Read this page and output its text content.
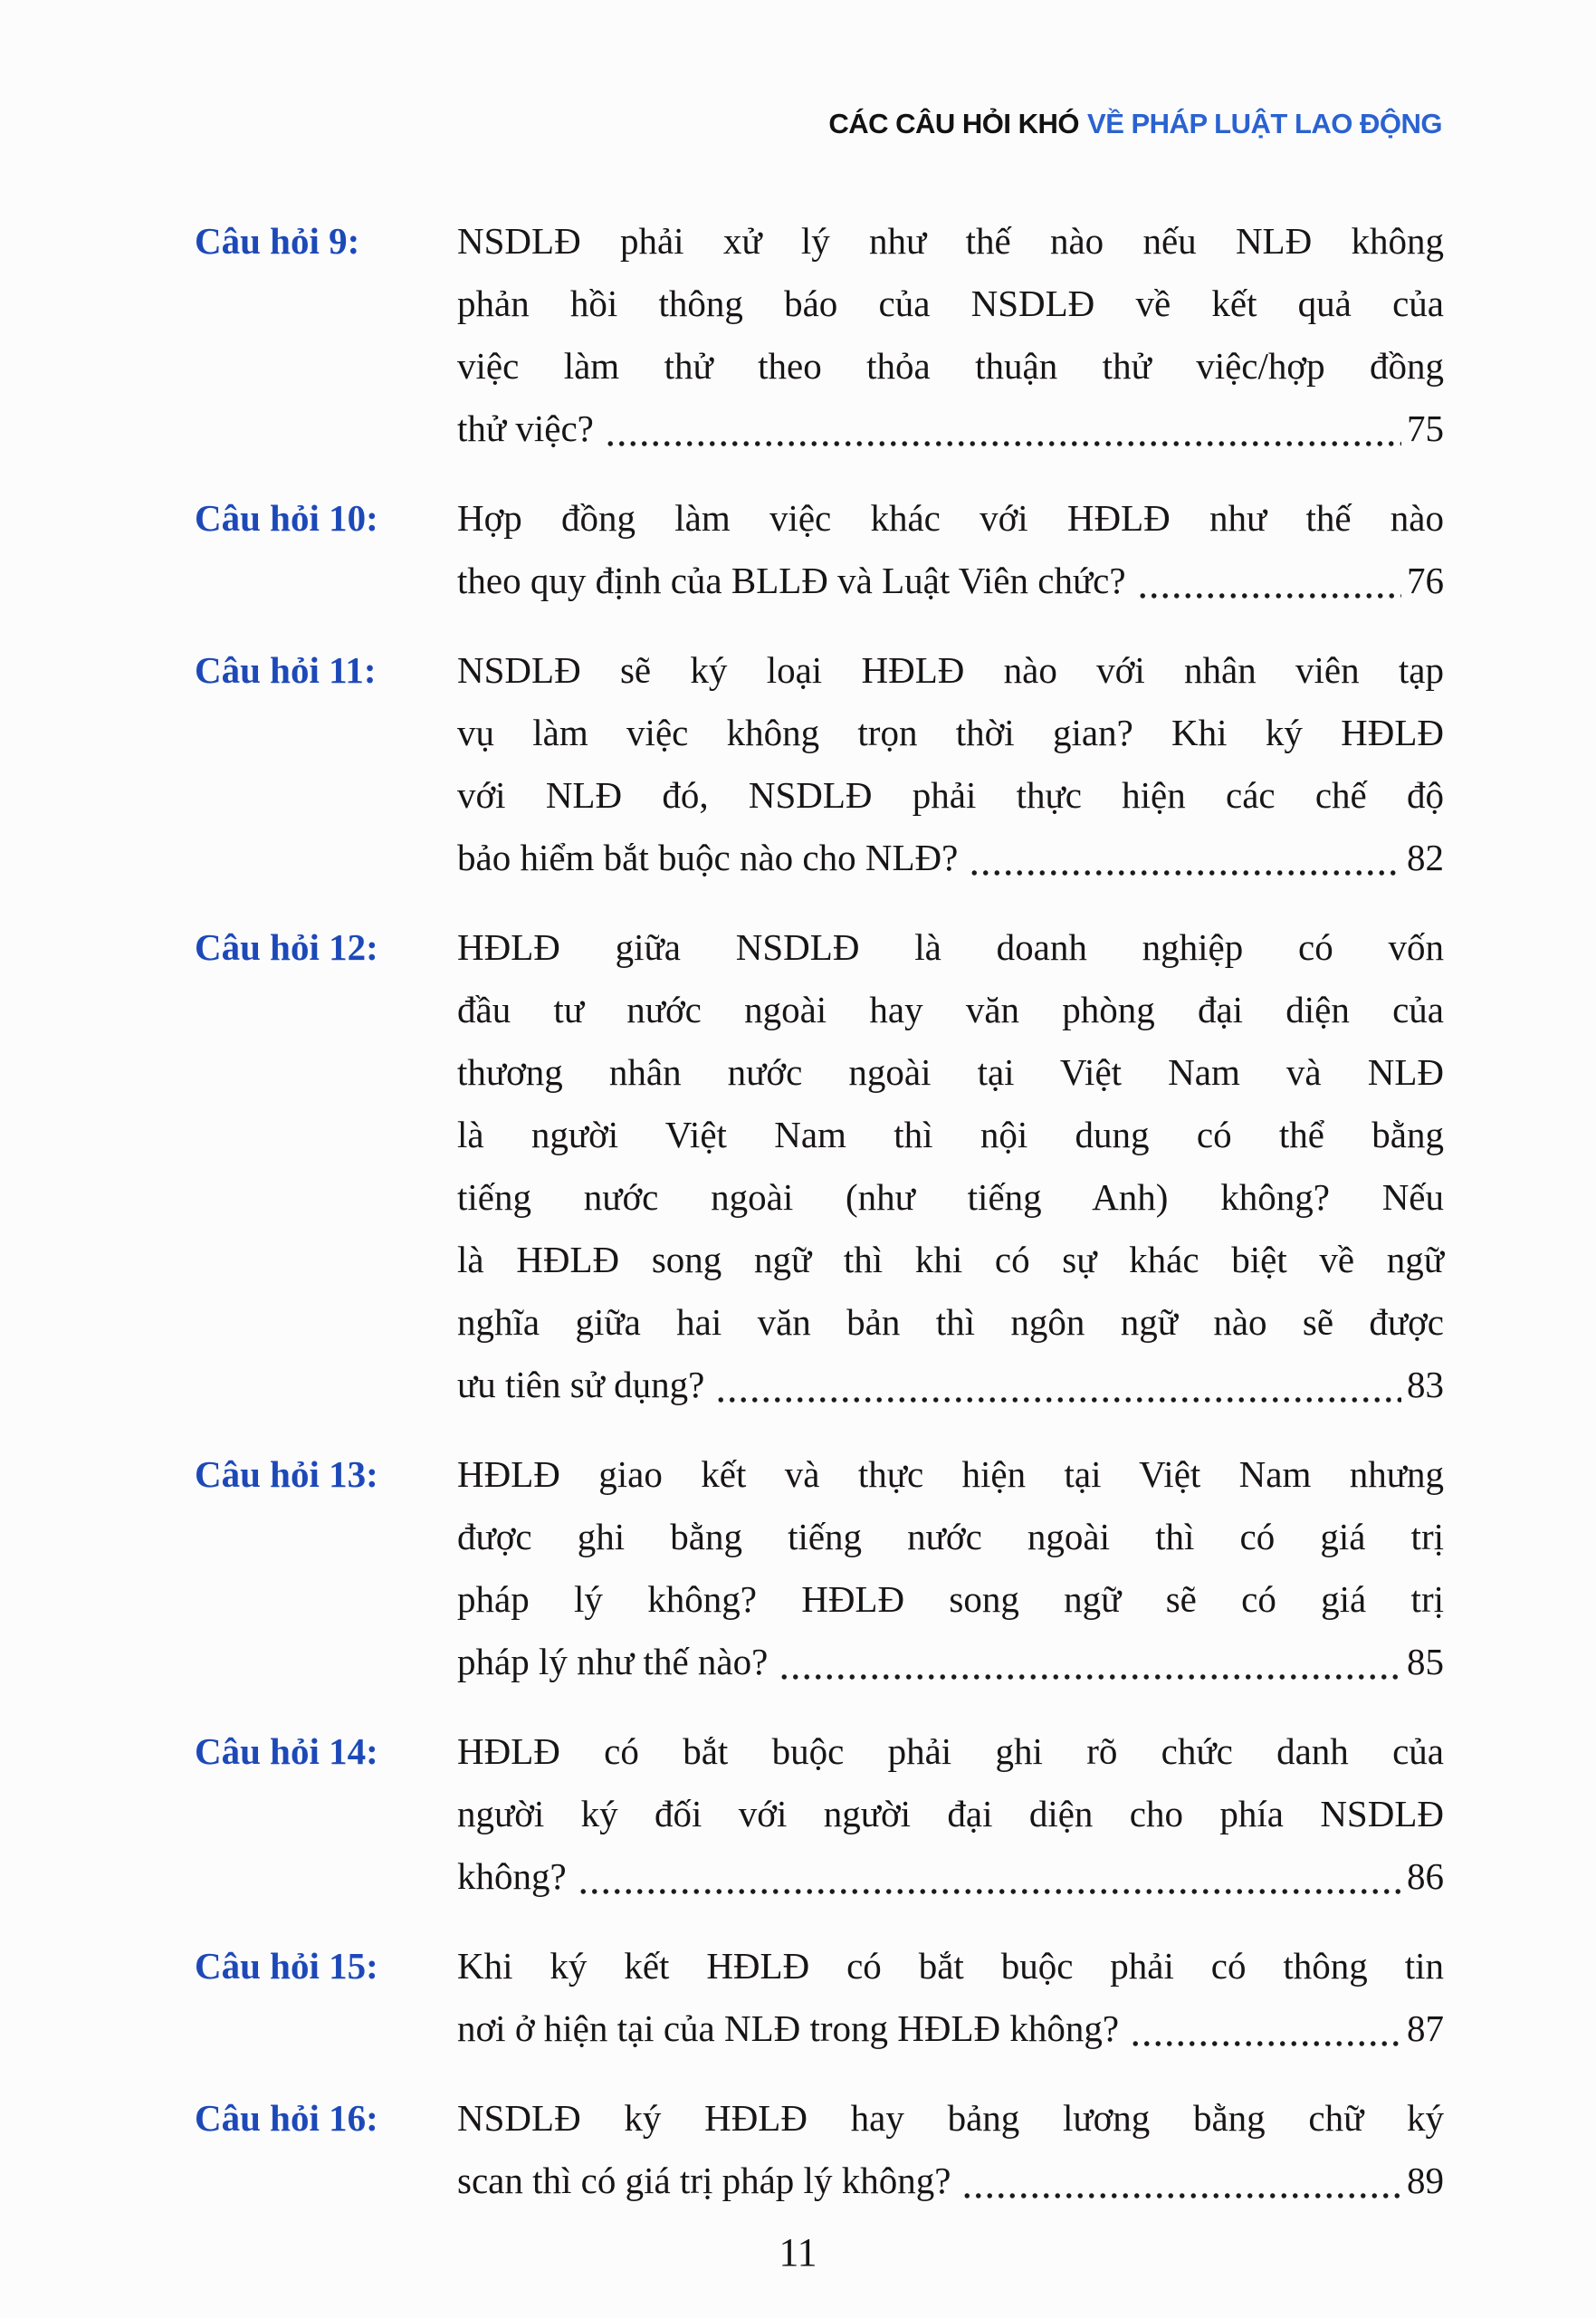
CÁC CÂU HỎI KHÓ VỀ PHÁP LUẬT LAO ĐỘNG
Câu hỏi 9:	NSDLĐ phải xử lý như thế nào nếu NLĐ không
phản hồi thông báo của NSDLĐ về kết quả của
việc làm thử theo thỏa thuận thử việc/hợp đồng
thử việc?	75
Câu hỏi 10:	Hợp đồng làm việc khác với HĐLĐ như thế nào
theo quy định của BLLĐ và Luật Viên chức?	76
Câu hỏi 11:	NSDLĐ sẽ ký loại HĐLĐ nào với nhân viên tạp
vụ làm việc không trọn thời gian? Khi ký HĐLĐ
với NLĐ đó, NSDLĐ phải thực hiện các chế độ
bảo hiểm bắt buộc nào cho NLĐ?	82
Câu hỏi 12:	HĐLĐ giữa NSDLĐ là doanh nghiệp có vốn
đầu tư nước ngoài hay văn phòng đại diện của
thương nhân nước ngoài tại Việt Nam và NLĐ
là người Việt Nam thì nội dung có thể bằng
tiếng nước ngoài (như tiếng Anh) không? Nếu
là HĐLĐ song ngữ thì khi có sự khác biệt về ngữ
nghĩa giữa hai văn bản thì ngôn ngữ nào sẽ được
ưu tiên sử dụng?	83
Câu hỏi 13:	HĐLĐ giao kết và thực hiện tại Việt Nam nhưng
được ghi bằng tiếng nước ngoài thì có giá trị
pháp lý không? HĐLĐ song ngữ sẽ có giá trị
pháp lý như thế nào?	85
Câu hỏi 14:	HĐLĐ có bắt buộc phải ghi rõ chức danh của
người ký đối với người đại diện cho phía NSDLĐ
không?	86
Câu hỏi 15:	Khi ký kết HĐLĐ có bắt buộc phải có thông tin
nơi ở hiện tại của NLĐ trong HĐLĐ không?	87
Câu hỏi 16:	NSDLĐ ký HĐLĐ hay bảng lương bằng chữ ký
scan thì có giá trị pháp lý không?	89
11
